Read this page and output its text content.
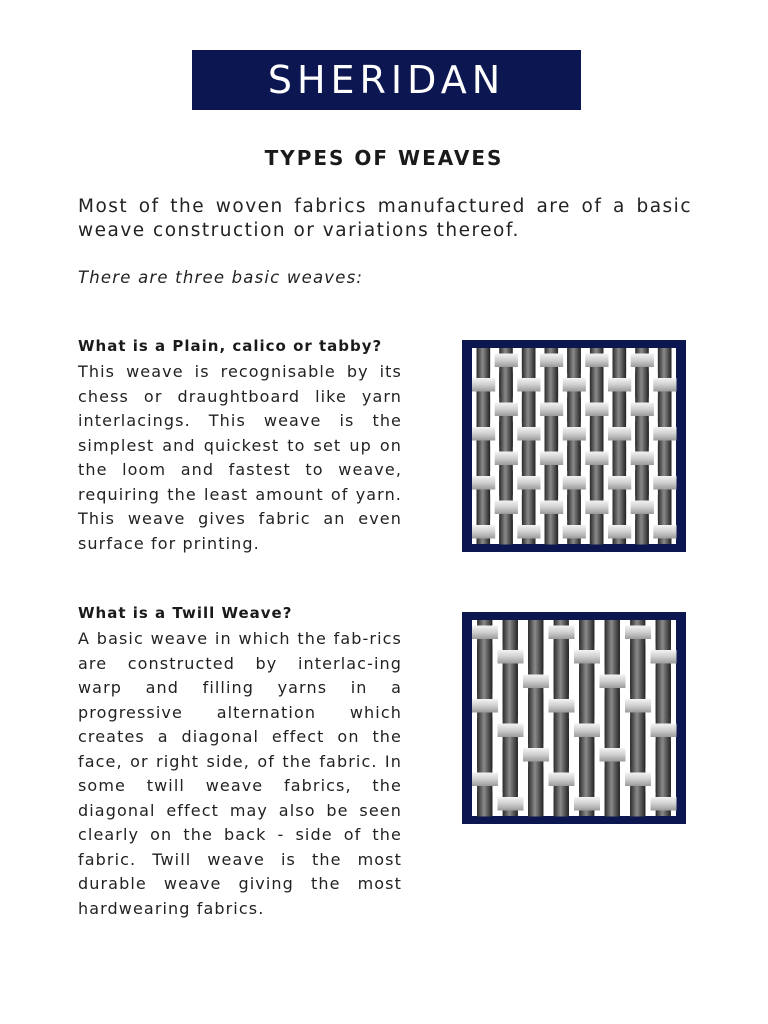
SHERIDAN
TYPES OF WEAVES

Most of the woven fabrics manufactured are of a basic weave construction or variations thereof.

There are three basic weaves:

What is a Plain, calico or tabby?

This weave is recognisable by its chess or draughtboard like yarn interlacings. This weave is the simplest and quickest to set up on the loom and fastest to weave, requiring the least amount of yarn. This weave gives fabric an even surface for printing.

What is a Twill Weave?

A basic weave in which the fab-rics are constructed by interlac-ing warp and filling yarns in a progressive alternation which creates a diagonal effect on the face, or right side, of the fabric. In some twill weave fabrics, the diagonal effect may also be seen clearly on the back - side of the fabric. Twill weave is the most durable weave giving the most hardwearing fabrics.
